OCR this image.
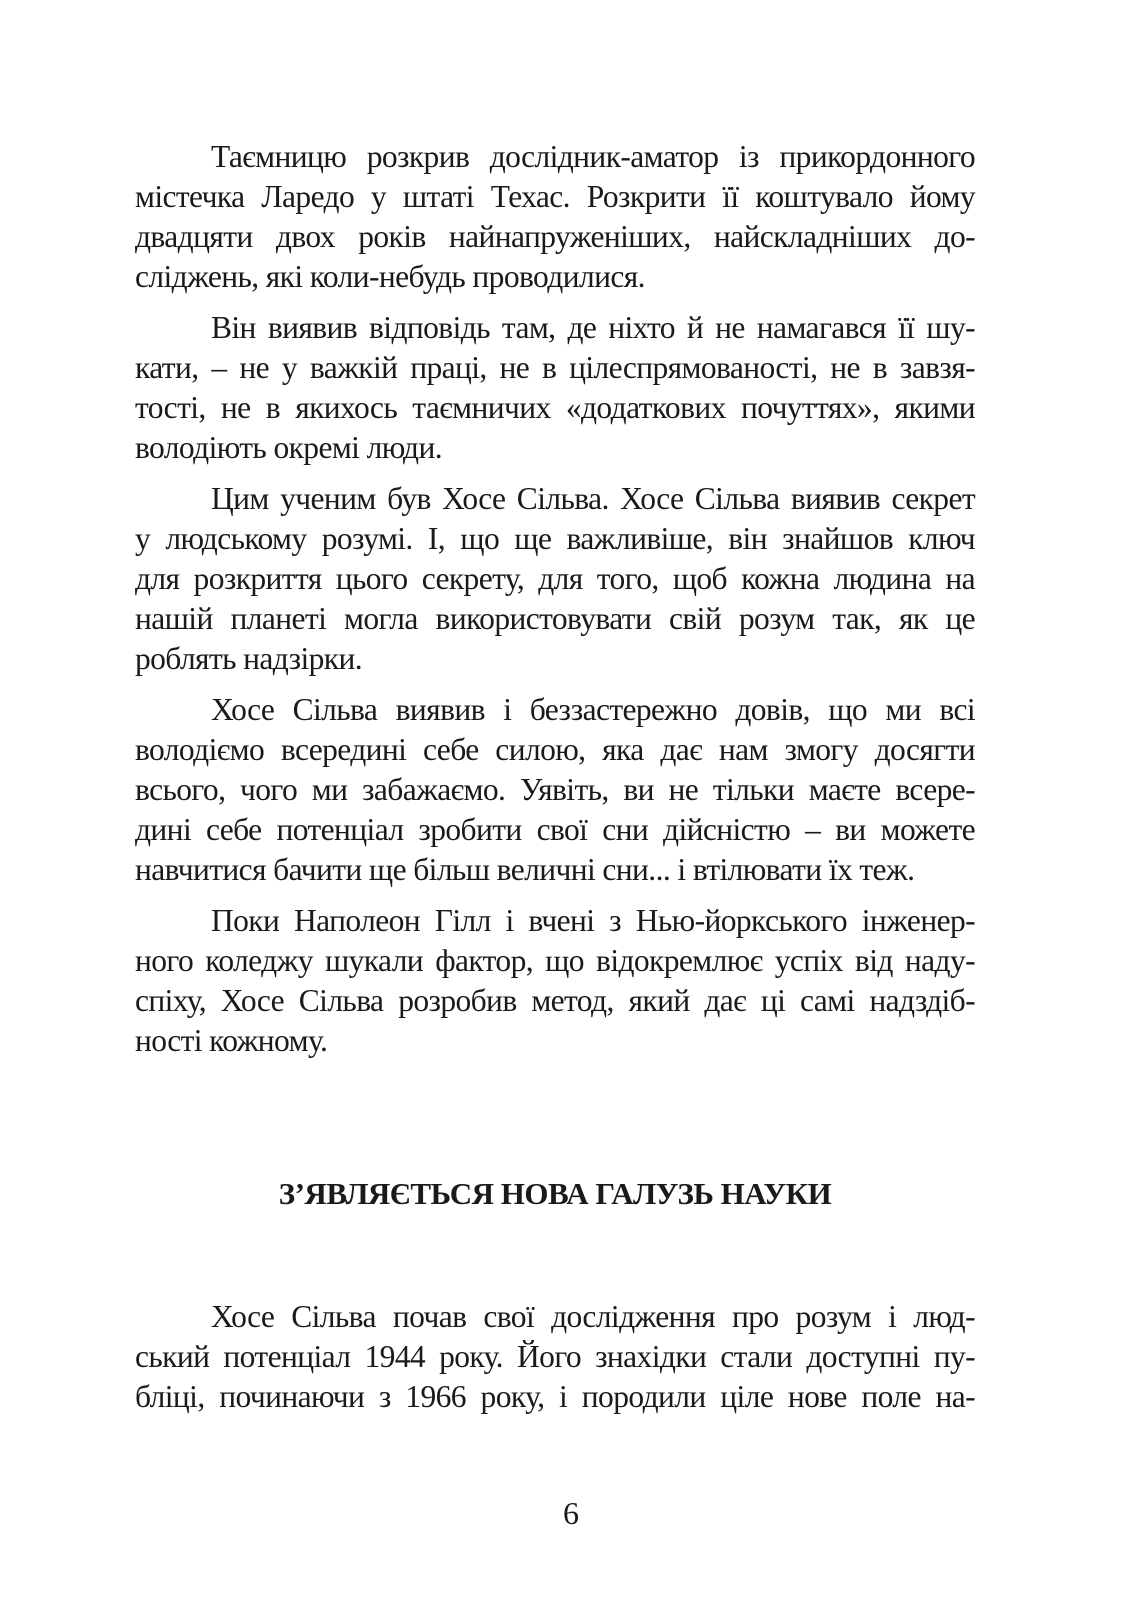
Таємницю розкрив дослідник-аматор із прикордонного
містечка Ларедо у штаті Техас. Розкрити її коштувало йому
двадцяти двох років найнапруженіших, найскладніших до-
сліджень, які коли-небудь проводилися.

Він виявив відповідь там, де ніхто й не намагався її шу-
кати, – не у важкій праці, не в цілеспрямованості, не в завзя-
тості, не в якихось таємничих «додаткових почуттях», якими
володіють окремі люди.

Цим ученим був Хосе Сільва. Хосе Сільва виявив секрет
у людському розумі. І, що ще важливіше, він знайшов ключ
для розкриття цього секрету, для того, щоб кожна людина на
нашій планеті могла використовувати свій розум так, як це
роблять надзірки.

Хосе Сільва виявив і беззастережно довів, що ми всі
володіємо всередині себе силою, яка дає нам змогу досягти
всього, чого ми забажаємо. Уявіть, ви не тільки маєте всере-
дині себе потенціал зробити свої сни дійсністю – ви можете
навчитися бачити ще більш величні сни... і втілювати їх теж.

Поки Наполеон Гілл і вчені з Нью-йоркського інженер-
ного коледжу шукали фактор, що відокремлює успіх від наду-
спіху, Хосе Сільва розробив метод, який дає ці самі надздіб-
ності кожному.

З’ЯВЛЯЄТЬСЯ НОВА ГАЛУЗЬ НАУКИ

Хосе Сільва почав свої дослідження про розум і люд-
ський потенціал 1944 року. Його знахідки стали доступні пу-
бліці, починаючи з 1966 року, і породили ціле нове поле на-

6
